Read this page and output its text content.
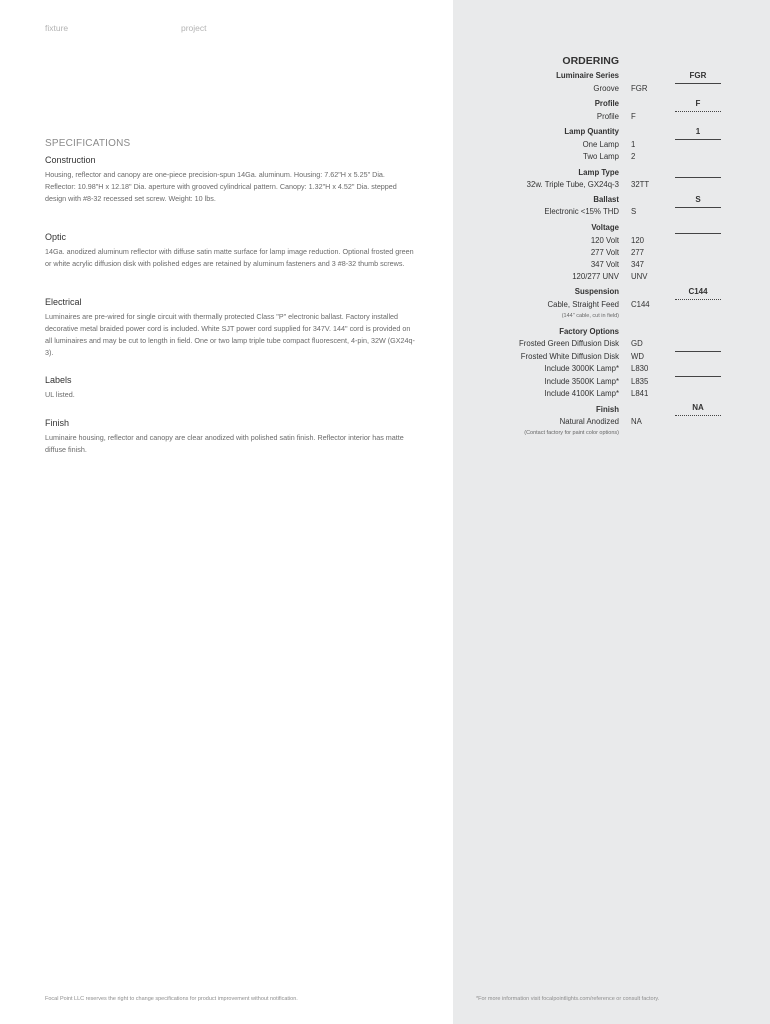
fixture	project
SPECIFICATIONS

Construction

Housing, reflector and canopy are one-piece precision-spun 14Ga. aluminum. Housing: 7.62"H x 5.25" Dia. Reflector: 10.98"H x 12.18" Dia. aperture with grooved cylindrical pattern. Canopy: 1.32"H x 4.52" Dia. stepped design with #8-32 recessed set screw. Weight: 10 lbs.

Optic

14Ga. anodized aluminum reflector with diffuse satin matte surface for lamp image reduction. Optional frosted green or white acrylic diffusion disk with polished edges are retained by aluminum fasteners and 3 #8-32 thumb screws.

Electrical

Luminaires are pre-wired for single circuit with thermally protected Class "P" electronic ballast. Factory installed decorative metal braided power cord is included. White SJT power cord supplied for 347V. 144" cord is provided on all luminaires and may be cut to length in field. One or two lamp triple tube compact fluorescent, 4-pin, 32W (GX24q-3).

Labels

UL listed.

Finish

Luminaire housing, reflector and canopy are clear anodized with polished satin finish. Reflector interior has matte diffuse finish.

ORDERING
Luminaire Series
Groove FGR
Profile
Profile F
Lamp Quantity
One Lamp 1
Two Lamp 2
Lamp Type
32w. Triple Tube, GX24q-3 32TT
Ballast
Electronic <15% THD S
Voltage
120 Volt 120
277 Volt 277
347 Volt 347
120/277 UNV UNV
Suspension
Cable, Straight Feed C144
(144" cable, cut in field)
Factory Options
Frosted Green Diffusion Disk GD
Frosted White Diffusion Disk WD
Include 3000K Lamp* L830
Include 3500K Lamp* L835
Include 4100K Lamp* L841
Finish
Natural Anodized NA
(Contact factory for paint color options)
FGR
F
1
S
C144
NA
Focal Point LLC reserves the right to change specifications for product improvement without notification.	*For more information visit focalpointlights.com/reference or consult factory.
